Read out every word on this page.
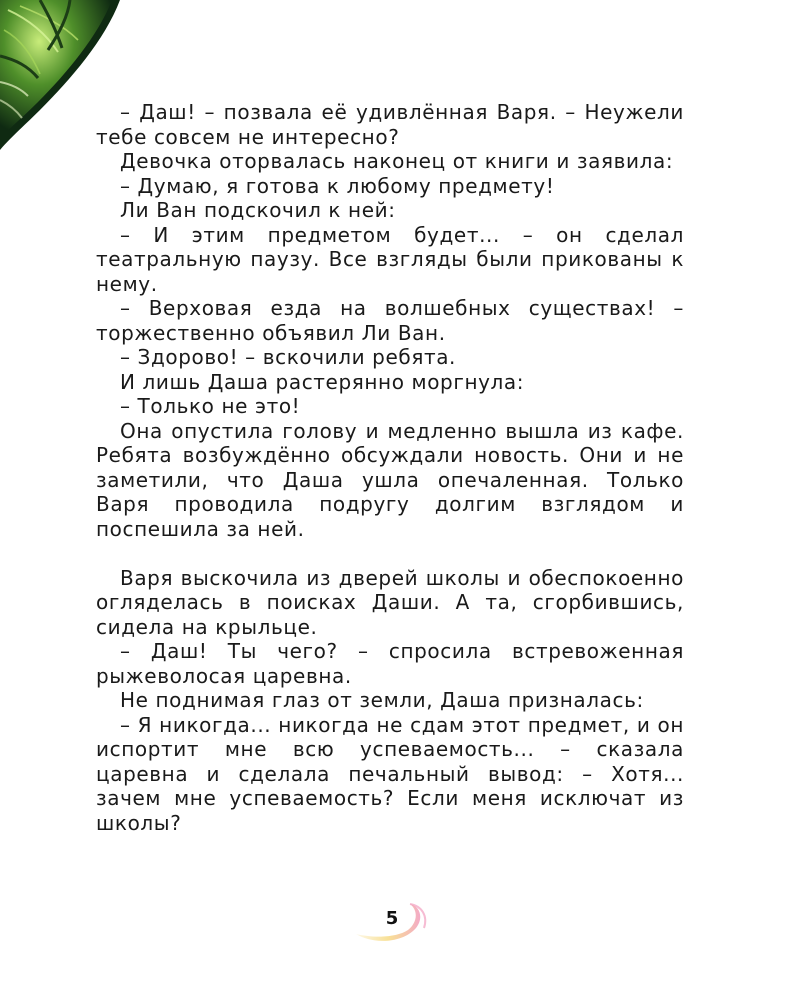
– Даш! – позвала её удивлённая Варя. – Неужели тебе совсем не интересно?

Девочка оторвалась наконец от книги и заявила:

– Думаю, я готова к любому предмету!

Ли Ван подскочил к ней:

– И этим предметом будет... – он сделал театральную паузу. Все взгляды были прикованы к нему.

– Верховая езда на волшебных существах! – торжественно объявил Ли Ван.

– Здорово! – вскочили ребята.

И лишь Даша растерянно моргнула:

– Только не это!

Она опустила голову и медленно вышла из кафе. Ребята возбуждённо обсуждали новость. Они и не заметили, что Даша ушла опечаленная. Только Варя проводила подругу долгим взглядом и поспешила за ней.

Варя выскочила из дверей школы и обеспокоенно огляделась в поисках Даши. А та, сгорбившись, сидела на крыльце.

– Даш! Ты чего? – спросила встревоженная рыжеволосая царевна.

Не поднимая глаз от земли, Даша призналась:

– Я никогда... никогда не сдам этот предмет, и он испортит мне всю успеваемость... – сказала царевна и сделала печальный вывод: – Хотя... зачем мне успеваемость? Если меня исключат из школы?

5
